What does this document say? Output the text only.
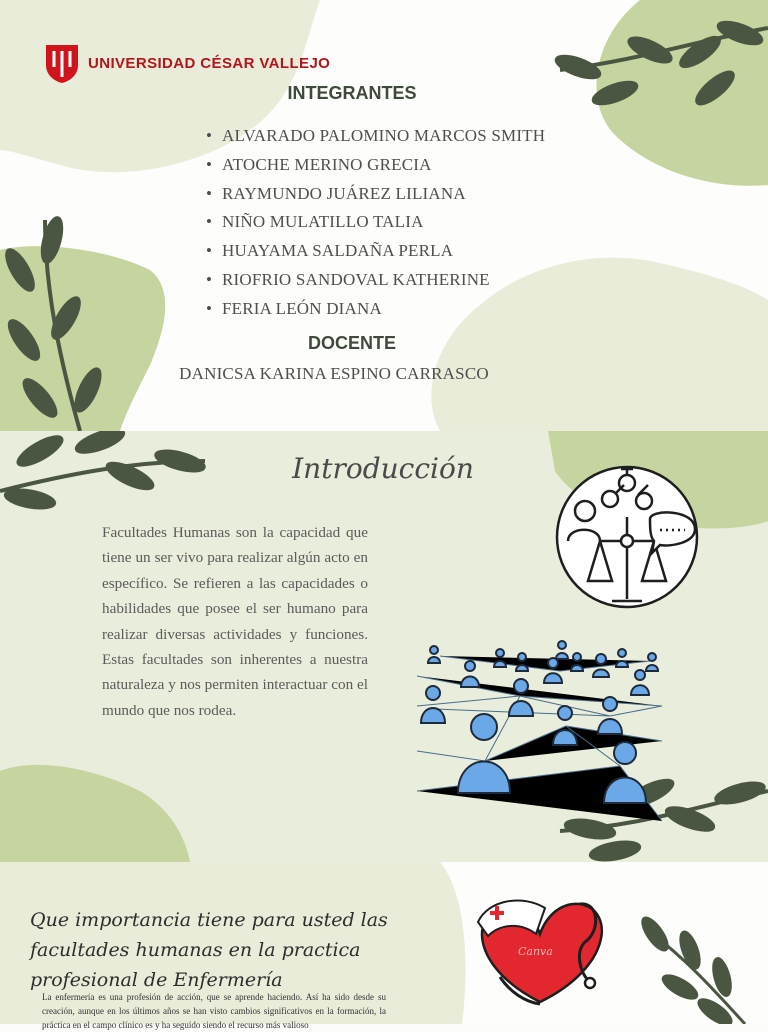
UNIVERSIDAD CÉSAR VALLEJO
INTEGRANTES
• ALVARADO PALOMINO MARCOS SMITH
• ATOCHE MERINO GRECIA
• RAYMUNDO JUÁREZ LILIANA
• NIÑO MULATILLO TALIA
• HUAYAMA SALDAÑA PERLA
• RIOFRIO SANDOVAL KATHERINE
• FERIA LEÓN DIANA
DOCENTE
DANICSA KARINA ESPINO CARRASCO
Introducción
Facultades Humanas son la capacidad que tiene un ser vivo para realizar algún acto en específico. Se refieren a las capacidades o habilidades que posee el ser humano para realizar diversas actividades y funciones. Estas facultades son inherentes a nuestra naturaleza y nos permiten interactuar con el mundo que nos rodea.
Que importancia tiene para usted las facultades humanas en la practica profesional de Enfermería
Canva
La enfermería es una profesión de acción, que se aprende haciendo. Así ha sido desde su creación, aunque en los últimos años se han visto cambios significativos en la formación, la práctica en el campo clínico es y ha seguido siendo el recurso más valioso
